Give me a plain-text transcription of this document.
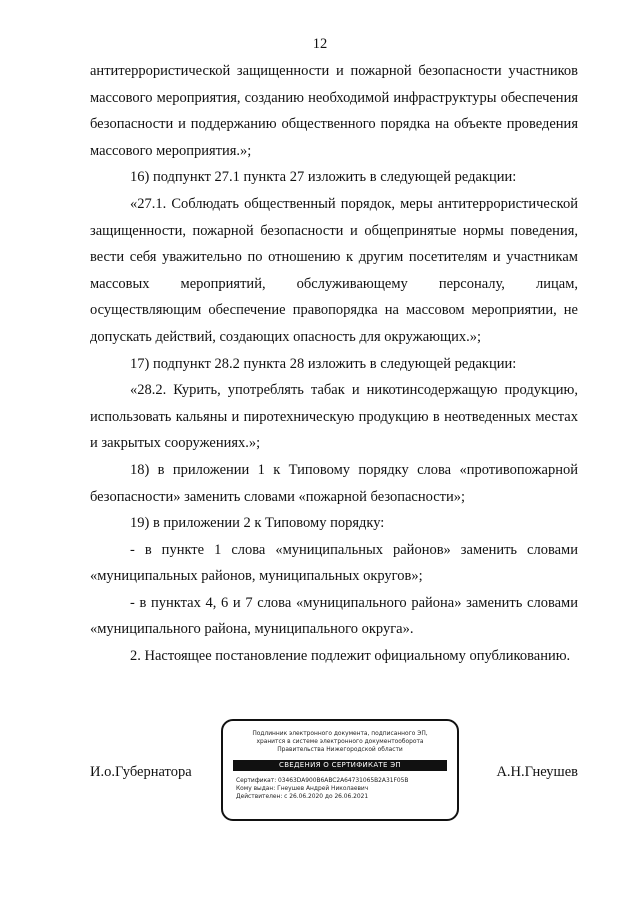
12

антитеррористической защищенности и пожарной безопасности участников массового мероприятия, созданию необходимой инфраструктуры обеспечения безопасности и поддержанию общественного порядка на объекте проведения массового мероприятия.»;

16) подпункт 27.1 пункта 27 изложить в следующей редакции:

«27.1. Соблюдать общественный порядок, меры антитеррористической защищенности, пожарной безопасности и общепринятые нормы поведения, вести себя уважительно по отношению к другим посетителям и участникам массовых мероприятий, обслуживающему персоналу, лицам, осуществляющим обеспечение правопорядка на массовом мероприятии, не допускать действий, создающих опасность для окружающих.»;

17) подпункт 28.2 пункта 28 изложить в следующей редакции:

«28.2. Курить, употреблять табак и никотинсодержащую продукцию, использовать кальяны и пиротехническую продукцию в неотведенных местах и закрытых сооружениях.»;

18) в приложении 1 к Типовому порядку слова «противопожарной безопасности» заменить словами «пожарной безопасности»;

19) в приложении 2 к Типовому порядку:

- в пункте 1 слова «муниципальных районов» заменить словами «муниципальных районов, муниципальных округов»;

- в пунктах 4, 6 и 7 слова «муниципального района» заменить словами «муниципального района, муниципального округа».

2. Настоящее постановление подлежит официальному опубликованию.

И.о.Губернатора
Подлинник электронного документа, подписанного ЭП,
хранится в системе электронного документооборота
Правительства Нижегородской области
СВЕДЕНИЯ О СЕРТИФИКАТЕ ЭП
Сертификат: 03463DA900B6ABC2A64731065B2A31F05B
Кому выдан: Гнеушев Андрей Николаевич
Действителен: с 26.06.2020 до 26.06.2021
А.Н.Гнеушев
